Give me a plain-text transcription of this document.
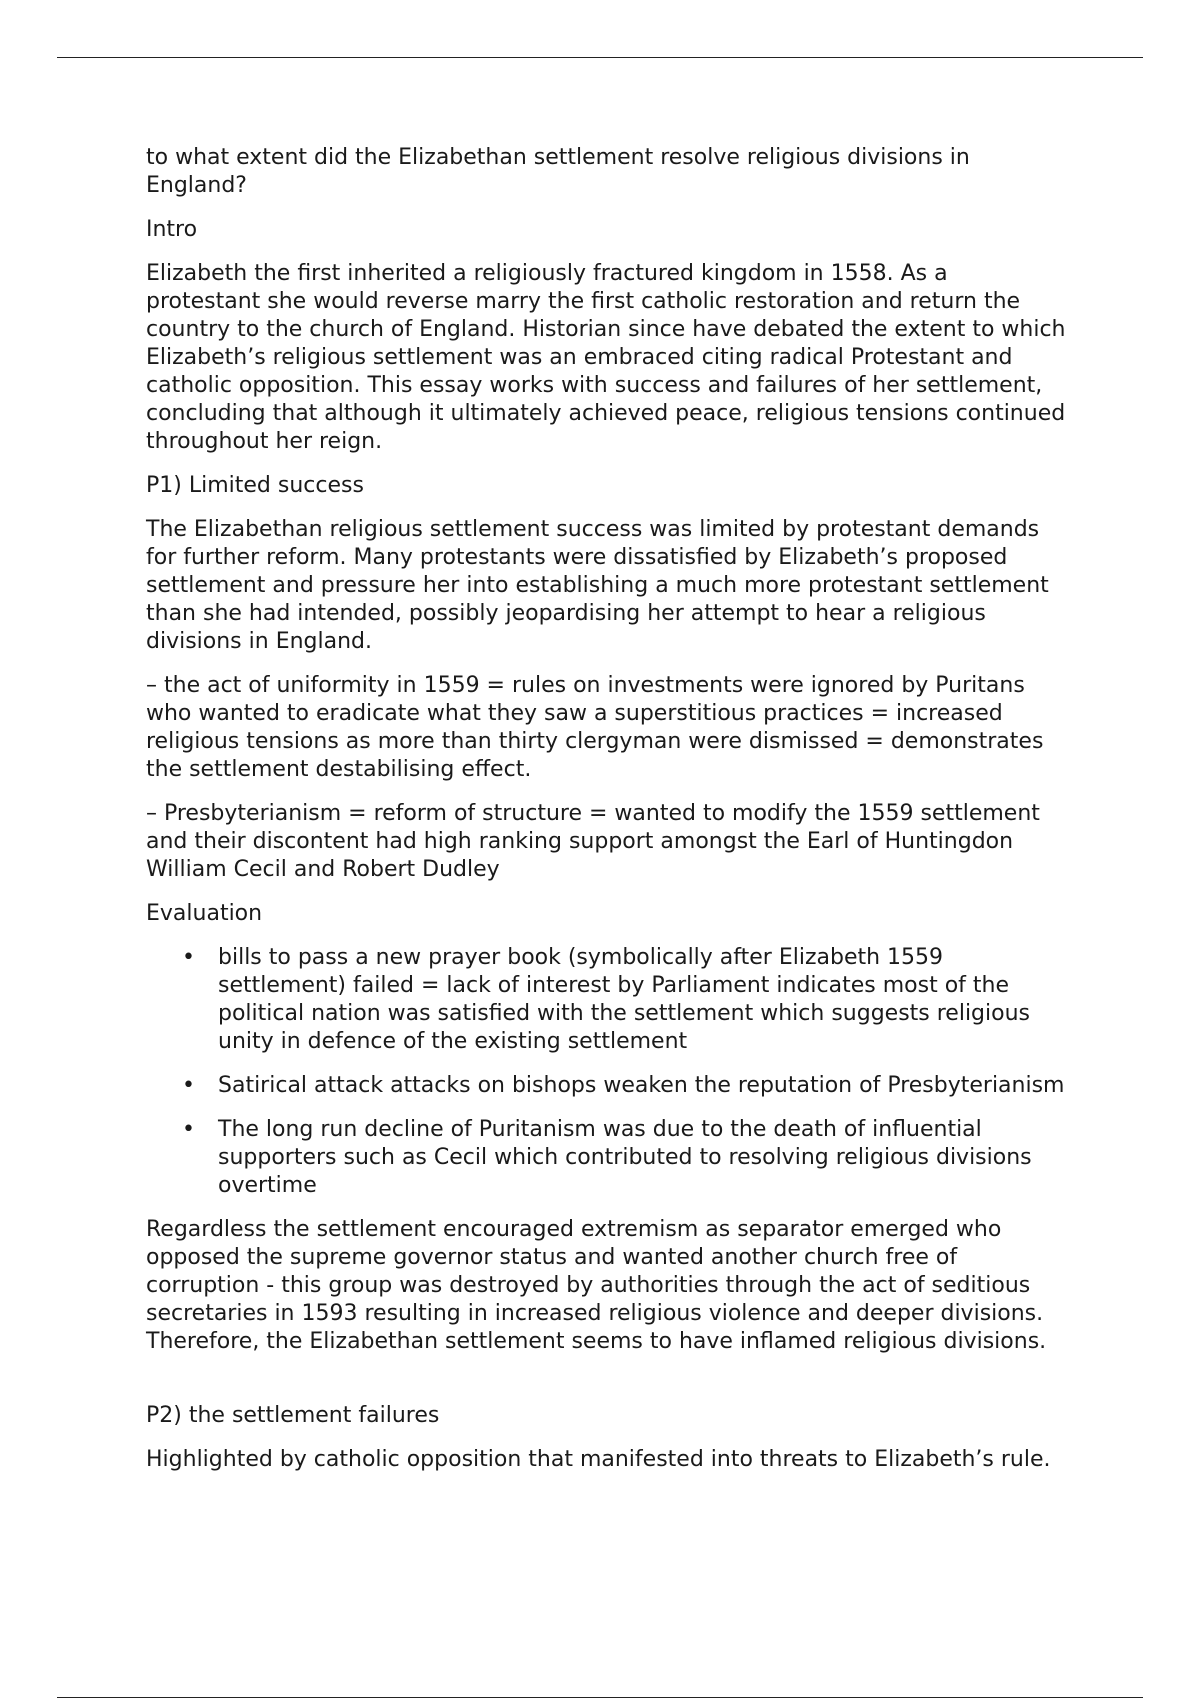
to what extent did the Elizabethan settlement resolve religious divisions in England?

Intro

Elizabeth the first inherited a religiously fractured kingdom in 1558. As a protestant she would reverse marry the first catholic restoration and return the country to the church of England. Historian since have debated the extent to which Elizabeth’s religious settlement was an embraced citing radical Protestant and catholic opposition. This essay works with success and failures of her settlement, concluding that although it ultimately achieved peace, religious tensions continued throughout her reign.

P1) Limited success

The Elizabethan religious settlement success was limited by protestant demands for further reform. Many protestants were dissatisfied by Elizabeth’s proposed settlement and pressure her into establishing a much more protestant settlement than she had intended, possibly jeopardising her attempt to hear a religious divisions in England.

– the act of uniformity in 1559 = rules on investments were ignored by Puritans who wanted to eradicate what they saw a superstitious practices = increased religious tensions as more than thirty clergyman were dismissed = demonstrates the settlement destabilising effect.

– Presbyterianism = reform of structure = wanted to modify the 1559 settlement and their discontent had high ranking support amongst the Earl of Huntingdon William Cecil and Robert Dudley

Evaluation

• bills to pass a new prayer book (symbolically after Elizabeth 1559 settlement) failed = lack of interest by Parliament indicates most of the political nation was satisfied with the settlement which suggests religious unity in defence of the existing settlement
• Satirical attack attacks on bishops weaken the reputation of Presbyterianism
• The long run decline of Puritanism was due to the death of influential supporters such as Cecil which contributed to resolving religious divisions overtime

Regardless the settlement encouraged extremism as separator emerged who opposed the supreme governor status and wanted another church free of corruption - this group was destroyed by authorities through the act of seditious secretaries in 1593 resulting in increased religious violence and deeper divisions. Therefore, the Elizabethan settlement seems to have inflamed religious divisions.

P2) the settlement failures

Highlighted by catholic opposition that manifested into threats to Elizabeth’s rule.
